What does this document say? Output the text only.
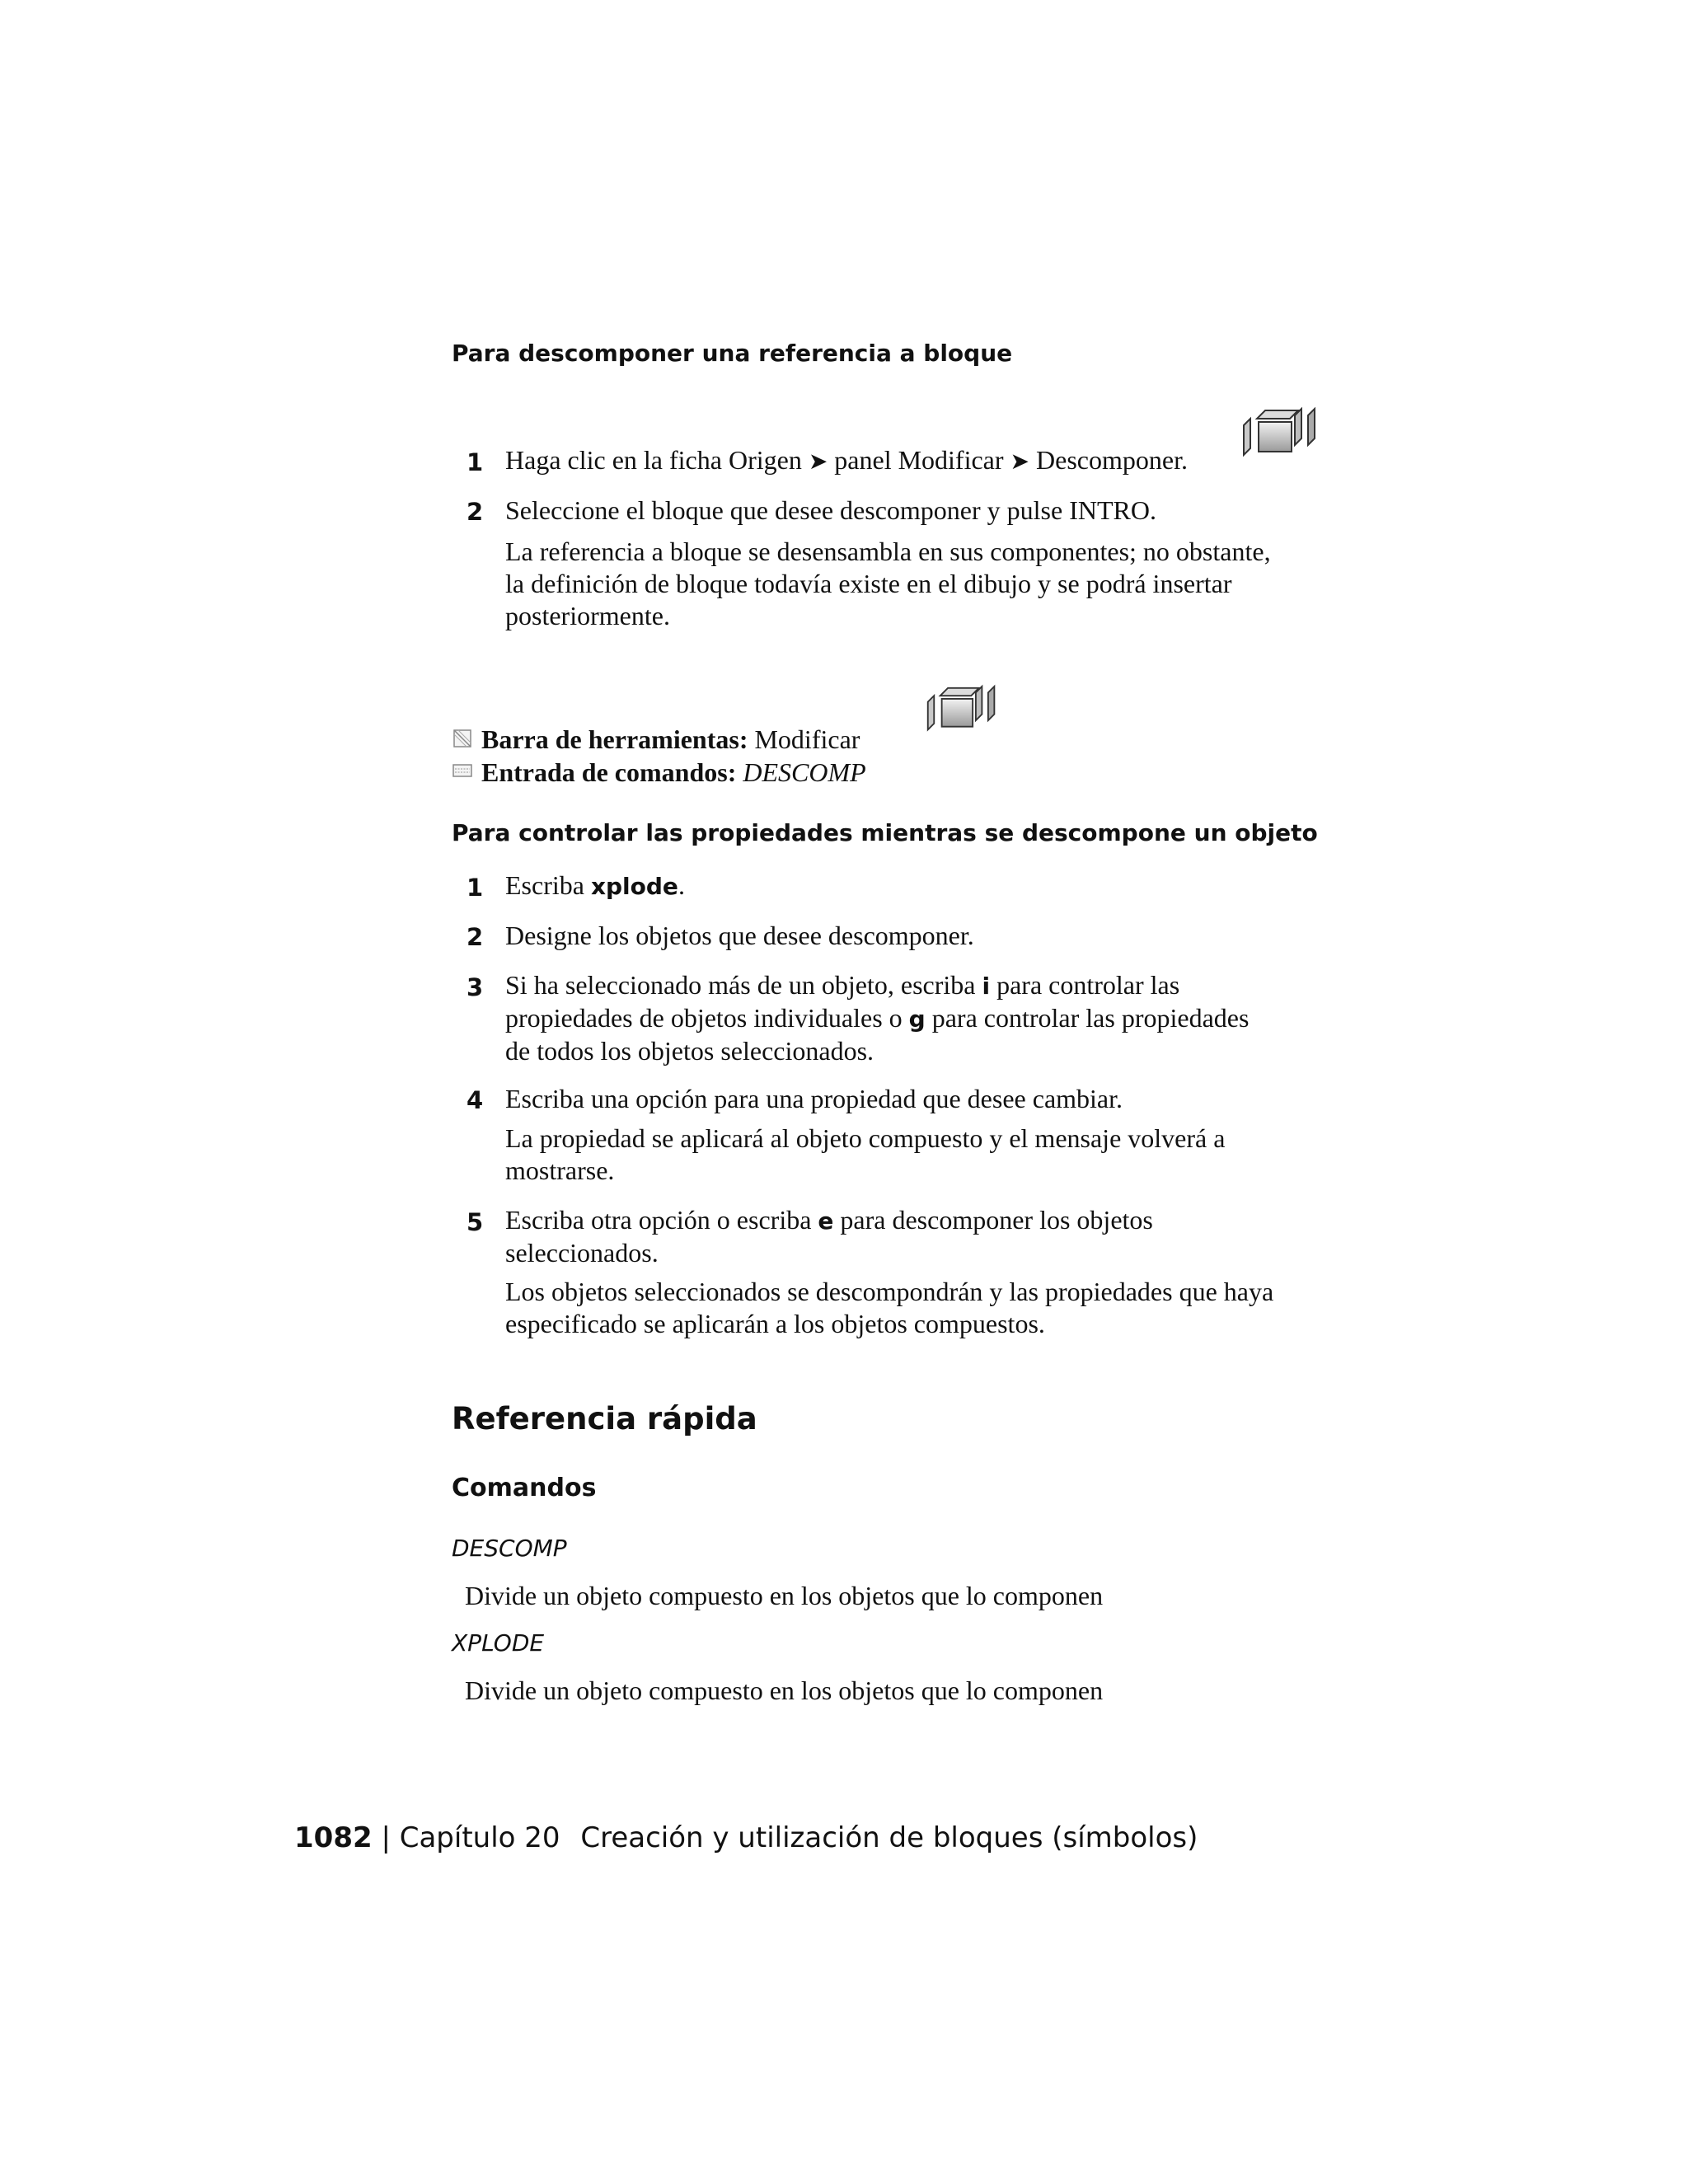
Para descomponer una referencia a bloque
1 Haga clic en la ficha Origen ➤ panel Modificar ➤ Descomponer.
2 Seleccione el bloque que desee descomponer y pulse INTRO.
La referencia a bloque se desensambla en sus componentes; no obstante,
la definición de bloque todavía existe en el dibujo y se podrá insertar
posteriormente.
Barra de herramientas: Modificar
Entrada de comandos: DESCOMP
Para controlar las propiedades mientras se descompone un objeto
1 Escriba xplode.
2 Designe los objetos que desee descomponer.
3 Si ha seleccionado más de un objeto, escriba i para controlar las
propiedades de objetos individuales o g para controlar las propiedades
de todos los objetos seleccionados.
4 Escriba una opción para una propiedad que desee cambiar.
La propiedad se aplicará al objeto compuesto y el mensaje volverá a
mostrarse.
5 Escriba otra opción o escriba e para descomponer los objetos
seleccionados.
Los objetos seleccionados se descompondrán y las propiedades que haya
especificado se aplicarán a los objetos compuestos.
Referencia rápida
Comandos
DESCOMP
Divide un objeto compuesto en los objetos que lo componen
XPLODE
Divide un objeto compuesto en los objetos que lo componen
1082 | Capítulo 20 Creación y utilización de bloques (símbolos)
